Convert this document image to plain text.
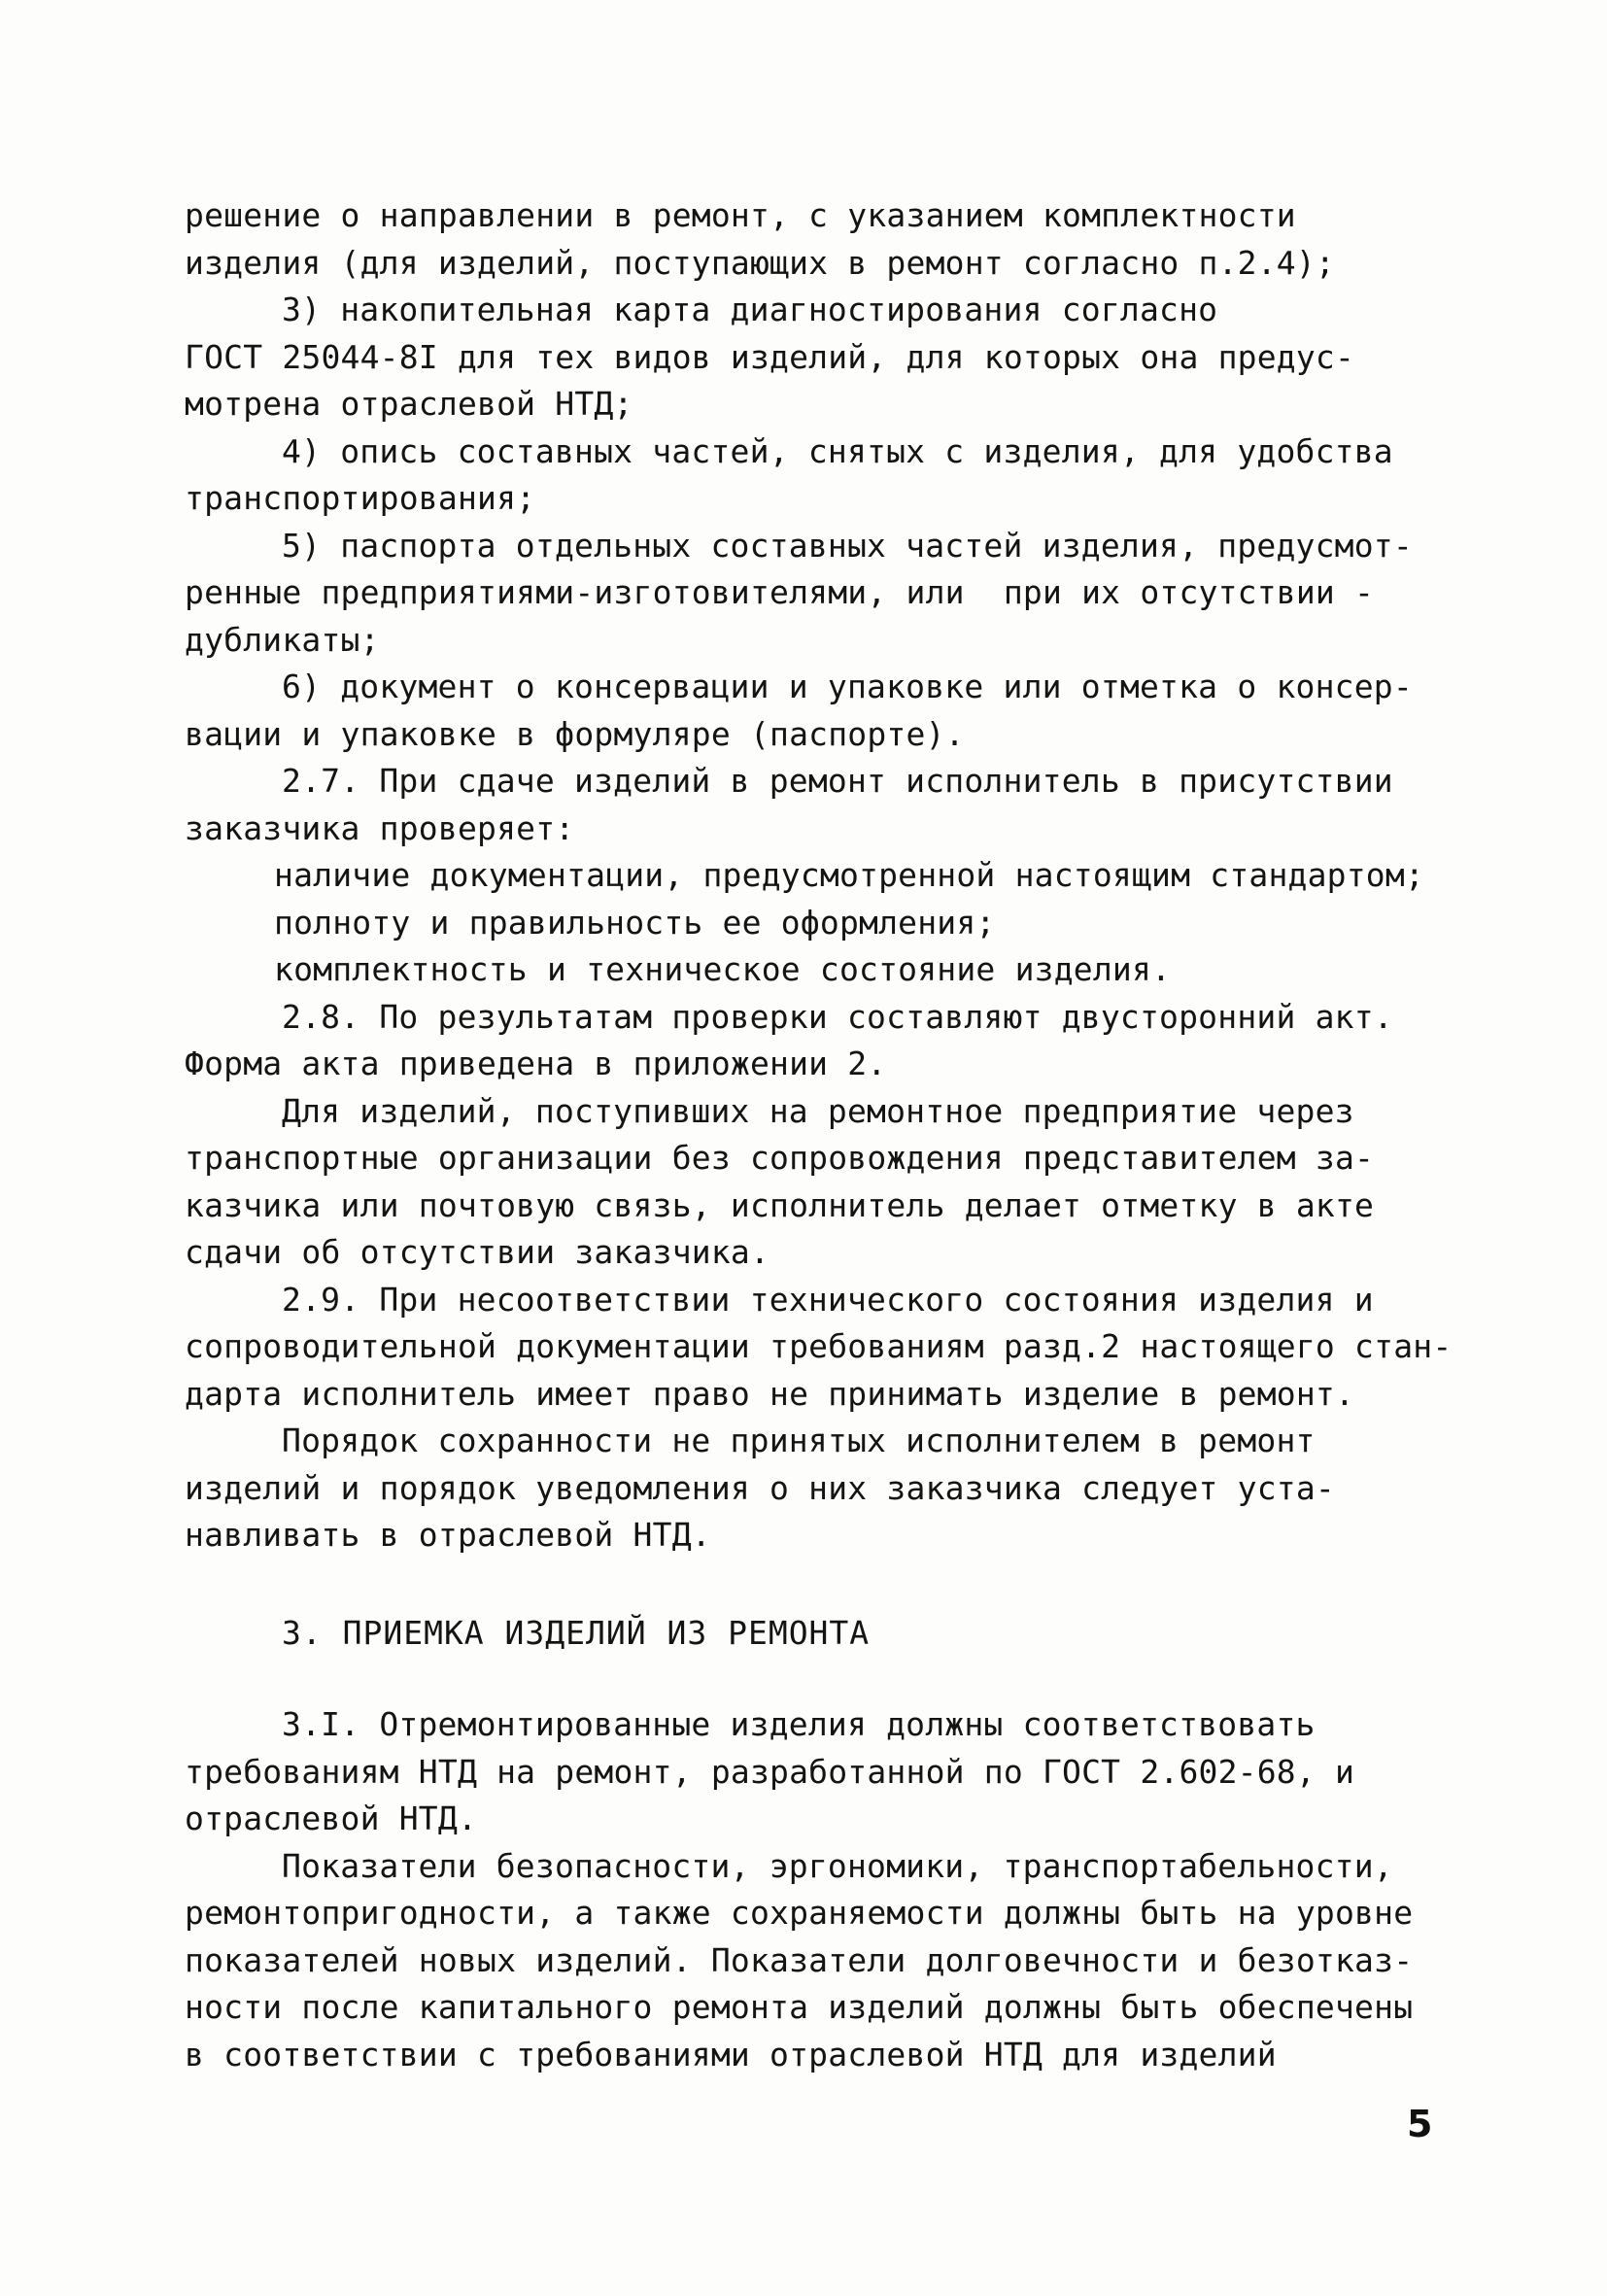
решение о направлении в ремонт, с указанием комплектности
изделия (для изделий, поступающих в ремонт согласно п.2.4);
3) накопительная карта диагностирования согласно
ГОСТ 25044-8I для тех видов изделий, для которых она предус-
мотрена отраслевой НТД;
4) опись составных частей, снятых с изделия, для удобства
транспортирования;
5) паспорта отдельных составных частей изделия, предусмот-
ренные предприятиями-изготовителями, или  при их отсутствии -
дубликаты;
6) документ о консервации и упаковке или отметка о консер-
вации и упаковке в формуляре (паспорте).
2.7. При сдаче изделий в ремонт исполнитель в присутствии
заказчика проверяет:
наличие документации, предусмотренной настоящим стандартом;
полноту и правильность ее оформления;
комплектность и техническое состояние изделия.
2.8. По результатам проверки составляют двусторонний акт.
Форма акта приведена в приложении 2.
Для изделий, поступивших на ремонтное предприятие через
транспортные организации без сопровождения представителем за-
казчика или почтовую связь, исполнитель делает отметку в акте
сдачи об отсутствии заказчика.
2.9. При несоответствии технического состояния изделия и
сопроводительной документации требованиям разд.2 настоящего стан-
дарта исполнитель имеет право не принимать изделие в ремонт.
Порядок сохранности не принятых исполнителем в ремонт
изделий и порядок уведомления о них заказчика следует уста-
навливать в отраслевой НТД.
3. ПРИЕМКА ИЗДЕЛИЙ ИЗ РЕМОНТА
3.I. Отремонтированные изделия должны соответствовать
требованиям НТД на ремонт, разработанной по ГОСТ 2.602-68, и
отраслевой НТД.
Показатели безопасности, эргономики, транспортабельности,
ремонтопригодности, а также сохраняемости должны быть на уровне
показателей новых изделий. Показатели долговечности и безотказ-
ности после капитального ремонта изделий должны быть обеспечены
в соответствии с требованиями отраслевой НТД для изделий
5
